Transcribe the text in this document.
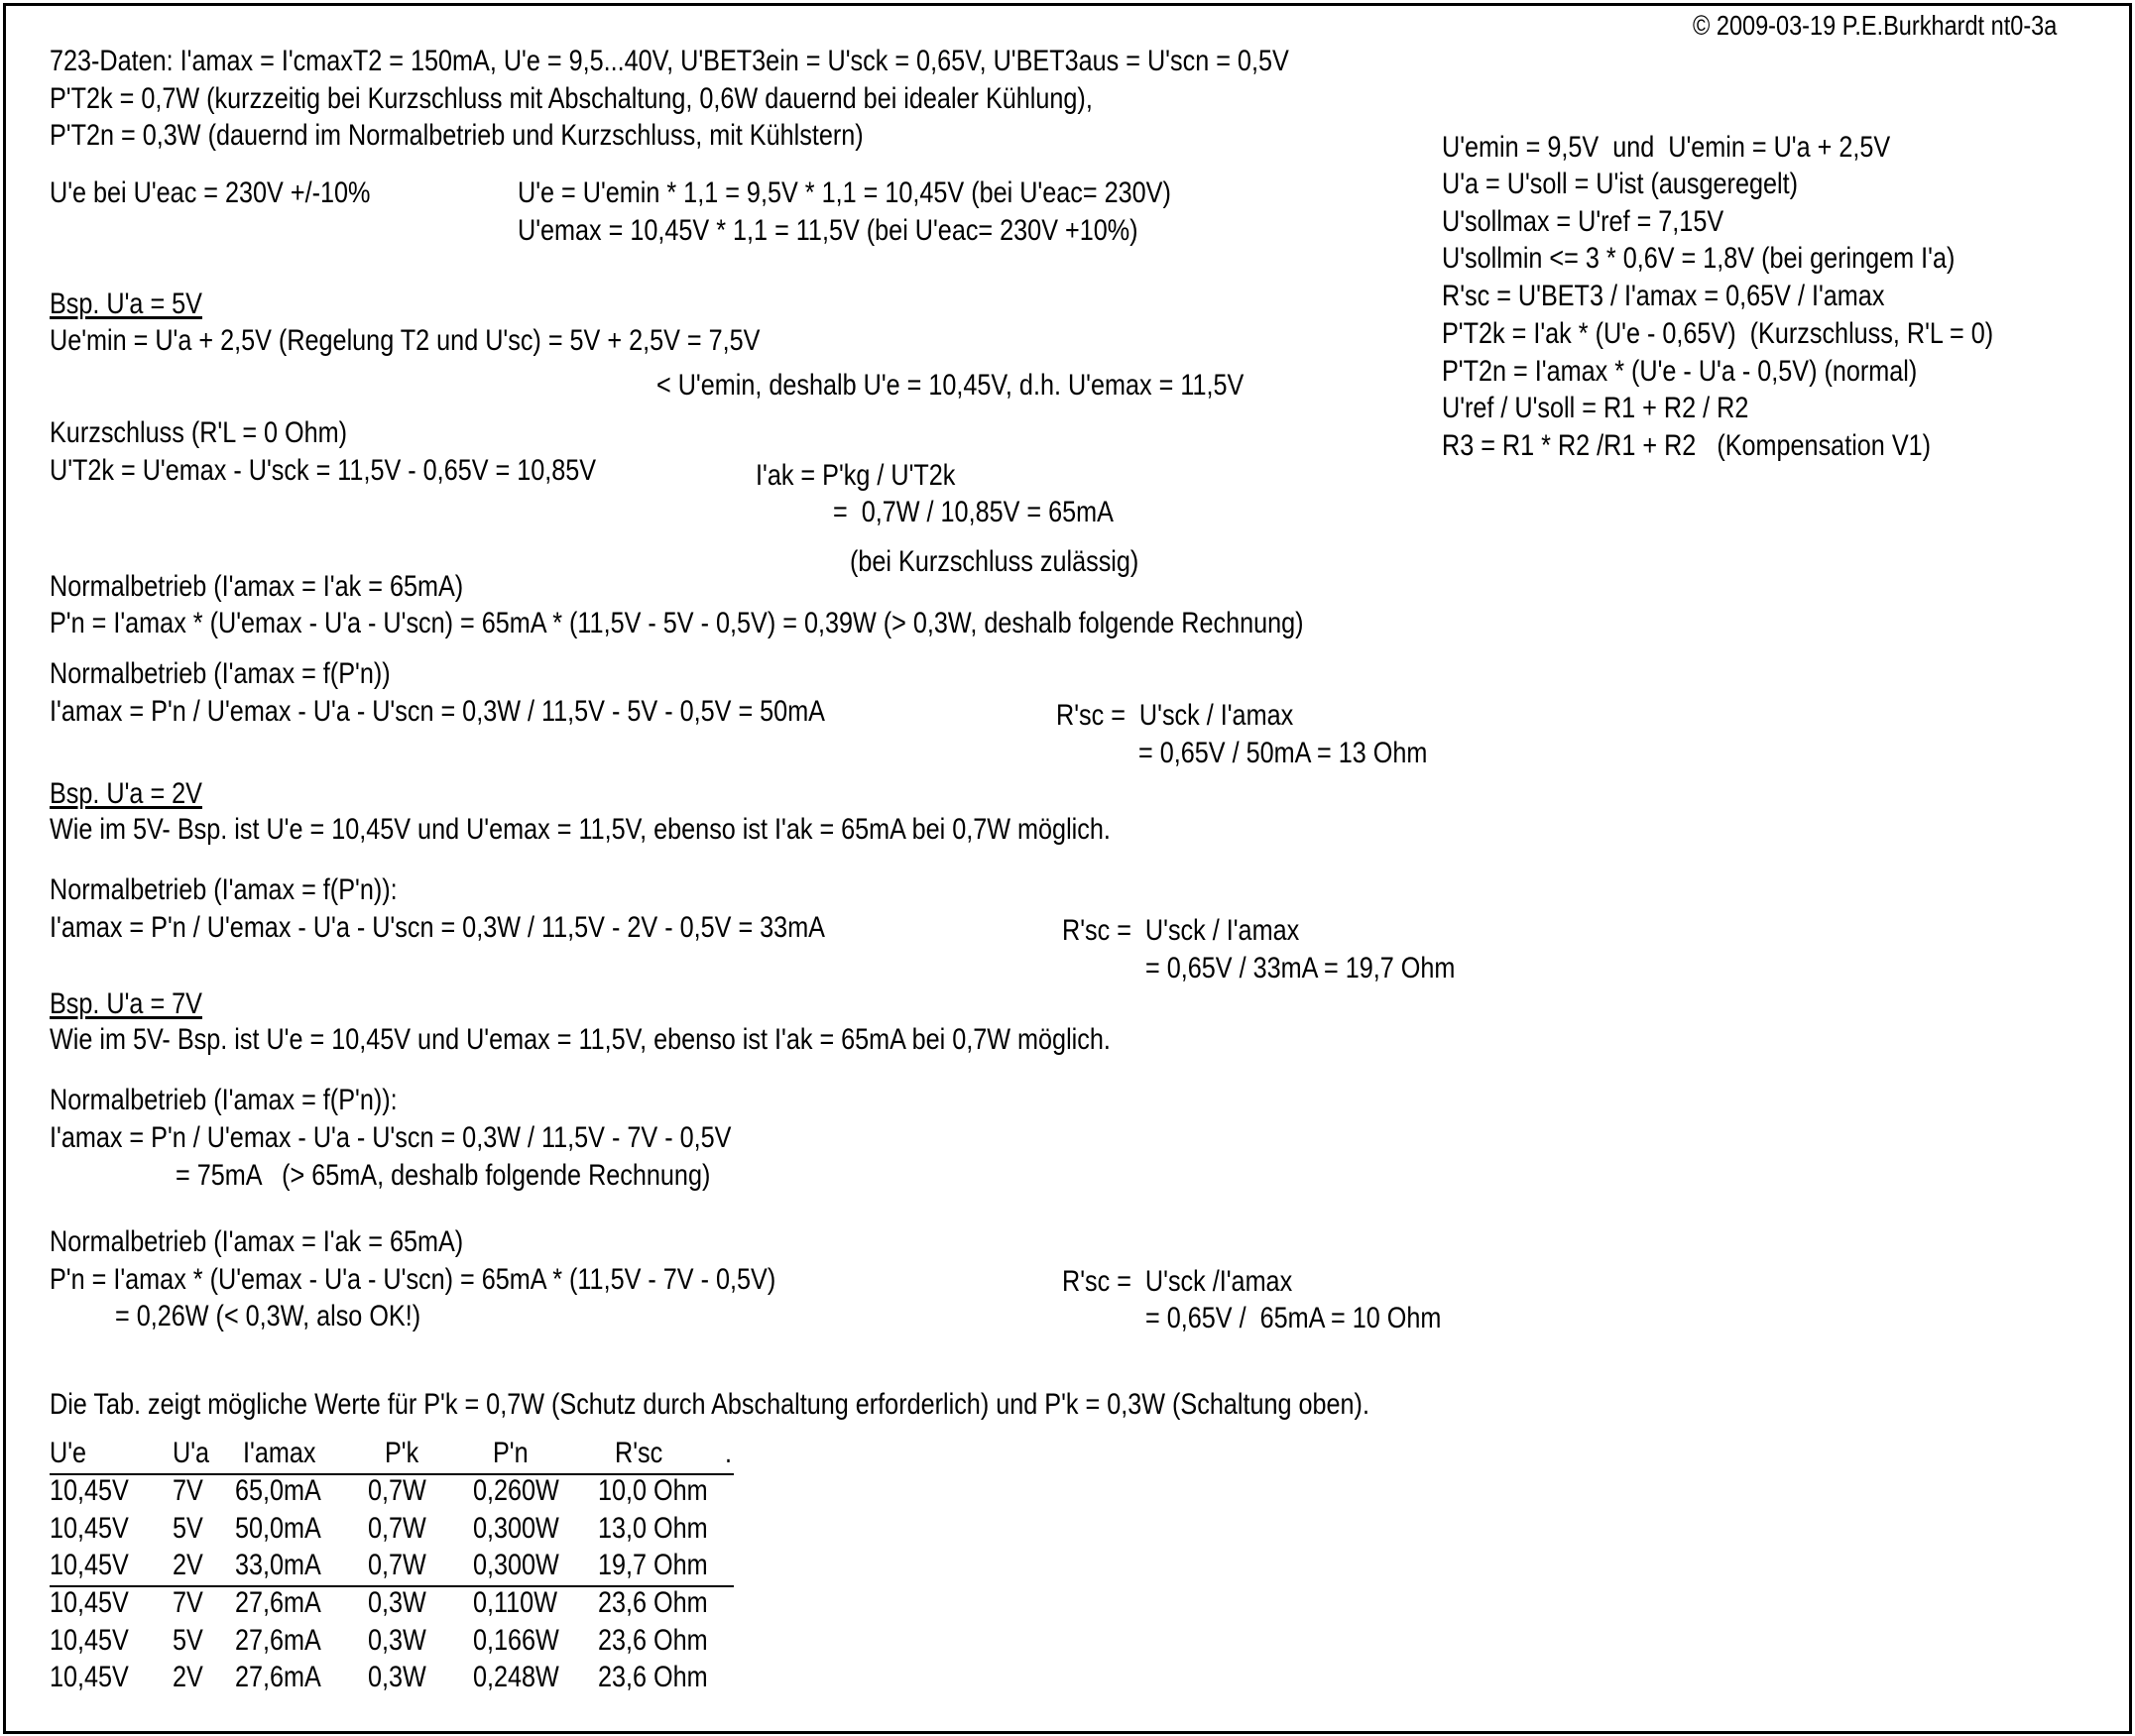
© 2009-03-19 P.E.Burkhardt nt0-3a
723-Daten: I'amax = I'cmaxT2 = 150mA, U'e = 9,5...40V, U'BET3ein = U'sck = 0,65V, U'BET3aus = U'scn = 0,5V
P'T2k = 0,7W (kurzzeitig bei Kurzschluss mit Abschaltung, 0,6W dauernd bei idealer Kühlung),
P'T2n = 0,3W (dauernd im Normalbetrieb und Kurzschluss, mit Kühlstern)	U'emin = 9,5V  und  U'emin = U'a + 2,5V
U'a = U'soll = U'ist (ausgeregelt)
U'sollmax = U'ref = 7,15V
U'sollmin <= 3 * 0,6V = 1,8V (bei geringem I'a)
R'sc = U'BET3 / I'amax = 0,65V / I'amax
P'T2k = I'ak * (U'e - 0,65V)  (Kurzschluss, R'L = 0)
P'T2n = I'amax * (U'e - U'a - 0,5V) (normal)
U'ref / U'soll = R1 + R2 / R2
R3 = R1 * R2 /R1 + R2   (Kompensation V1)
U'e bei U'eac = 230V +/-10%	U'e = U'emin * 1,1 = 9,5V * 1,1 = 10,45V (bei U'eac= 230V)
U'emax = 10,45V * 1,1 = 11,5V (bei U'eac= 230V +10%)
Bsp. U'a = 5V
Ue'min = U'a + 2,5V (Regelung T2 und U'sc) = 5V + 2,5V = 7,5V
< U'emin, deshalb U'e = 10,45V, d.h. U'emax = 11,5V
Kurzschluss (R'L = 0 Ohm)
U'T2k = U'emax - U'sck = 11,5V - 0,65V = 10,85V	I'ak = P'kg / U'T2k
=  0,7W / 10,85V = 65mA
(bei Kurzschluss zulässig)
Normalbetrieb (I'amax = I'ak = 65mA)
P'n = I'amax * (U'emax - U'a - U'scn) = 65mA * (11,5V - 5V - 0,5V) = 0,39W (> 0,3W, deshalb folgende Rechnung)
Normalbetrieb (I'amax = f(P'n))
I'amax = P'n / U'emax - U'a - U'scn = 0,3W / 11,5V - 5V - 0,5V = 50mA	R'sc =  U'sck / I'amax
= 0,65V / 50mA = 13 Ohm
Bsp. U'a = 2V
Wie im 5V- Bsp. ist U'e = 10,45V und U'emax = 11,5V, ebenso ist I'ak = 65mA bei 0,7W möglich.
Normalbetrieb (I'amax = f(P'n)):
I'amax = P'n / U'emax - U'a - U'scn = 0,3W / 11,5V - 2V - 0,5V = 33mA	R'sc =  U'sck / I'amax
= 0,65V / 33mA = 19,7 Ohm
Bsp. U'a = 7V
Wie im 5V- Bsp. ist U'e = 10,45V und U'emax = 11,5V, ebenso ist I'ak = 65mA bei 0,7W möglich.
Normalbetrieb (I'amax = f(P'n)):
I'amax = P'n / U'emax - U'a - U'scn = 0,3W / 11,5V - 7V - 0,5V
= 75mA   (> 65mA, deshalb folgende Rechnung)
Normalbetrieb (I'amax = I'ak = 65mA)
P'n = I'amax * (U'emax - U'a - U'scn) = 65mA * (11,5V - 7V - 0,5V)
= 0,26W (< 0,3W, also OK!)
R'sc =  U'sck /I'amax
= 0,65V /  65mA = 10 Ohm
Die Tab. zeigt mögliche Werte für P'k = 0,7W (Schutz durch Abschaltung erforderlich) und P'k = 0,3W (Schaltung oben).
U'e	U'a I'amax P'k P'n	R'sc .
10,45V 7V 65,0mA 0,7W 0,260W 10,0 Ohm
10,45V 5V 50,0mA 0,7W 0,300W 13,0 Ohm
10,45V 2V 33,0mA 0,7W 0,300W 19,7 Ohm
10,45V 7V 27,6mA 0,3W 0,110W 23,6 Ohm
10,45V 5V 27,6mA 0,3W 0,166W 23,6 Ohm
10,45V 2V 27,6mA 0,3W 0,248W 23,6 Ohm
